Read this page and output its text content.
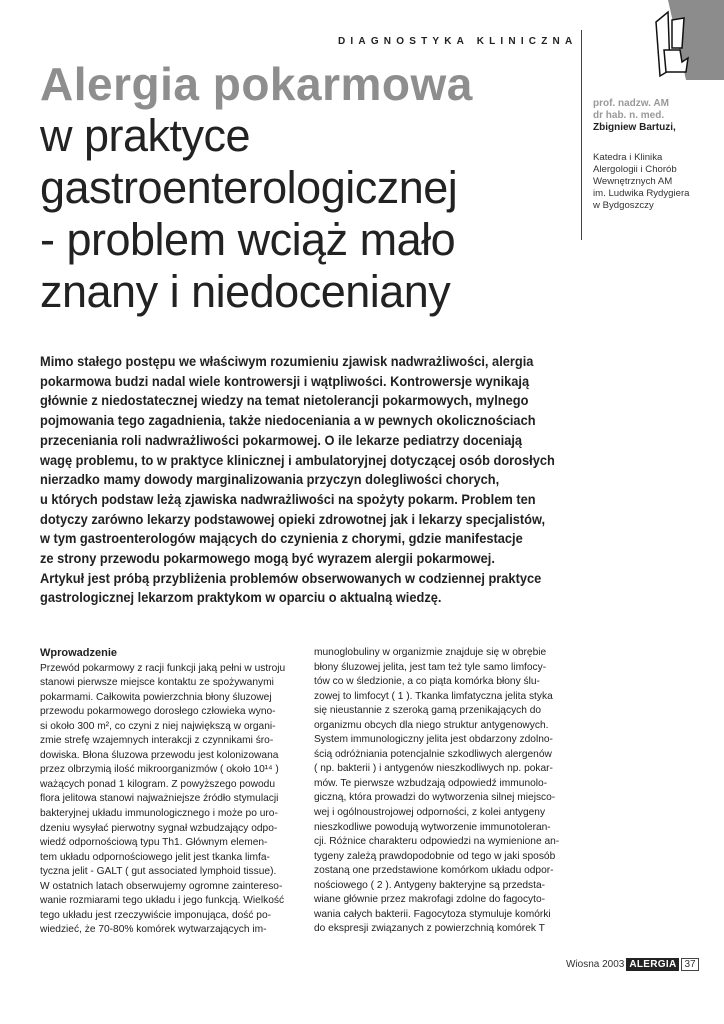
DIAGNOSTYKA KLINICZNA
Alergia pokarmowa
w praktyce
gastroenterologicznej
- problem wciąż mało
znany i niedoceniany
prof. nadzw. AM
dr hab. n. med.
Zbigniew Bartuzi,
Katedra i Klinika
Alergologii i Chorób
Wewnętrznych AM
im. Ludwika Rydygiera
w Bydgoszczy
Mimo stałego postępu we właściwym rozumieniu zjawisk nadwrażliwości, alergia
pokarmowa budzi nadal wiele kontrowersji i wątpliwości. Kontrowersje wynikają
głównie z niedostatecznej wiedzy na temat nietolerancji pokarmowych, mylnego
pojmowania tego zagadnienia, także niedoceniania a w pewnych okolicznościach
przeceniania roli nadwrażliwości pokarmowej. O ile lekarze pediatrzy doceniają
wagę problemu, to w praktyce klinicznej i ambulatoryjnej dotyczącej osób dorosłych
nierzadko mamy dowody marginalizowania przyczyn dolegliwości chorych,
u których podstaw leżą zjawiska nadwrażliwości na spożyty pokarm. Problem ten
dotyczy zarówno lekarzy podstawowej opieki zdrowotnej jak i lekarzy specjalistów,
w tym gastroenterologów mających do czynienia z chorymi, gdzie manifestacje
ze strony przewodu pokarmowego mogą być wyrazem alergii pokarmowej.
Artykuł jest próbą przybliżenia problemów obserwowanych w codziennej praktyce
gastrologicznej lekarzom praktykom w oparciu o aktualną wiedzę.
Wprowadzenie
Przewód pokarmowy z racji funkcji jaką pełni w ustroju
stanowi pierwsze miejsce kontaktu ze spożywanymi
pokarmami. Całkowita powierzchnia błony śluzowej
przewodu pokarmowego dorosłego człowieka wyno-
si około 300 m², co czyni z niej największą w organi-
zmie strefę wzajemnych interakcji z czynnikami śro-
dowiska. Błona śluzowa przewodu jest kolonizowana
przez olbrzymią ilość mikroorganizmów ( około 10¹⁴ )
ważących ponad 1 kilogram. Z powyższego powodu
flora jelitowa stanowi najważniejsze źródło stymulacji
bakteryjnej układu immunologicznego i może po uro-
dzeniu wysyłać pierwotny sygnał wzbudzający odpo-
wiedź odpornościową typu Th1. Głównym elemen-
tem układu odpornościowego jelit jest tkanka limfa-
tyczna jelit - GALT ( gut associated lymphoid tissue).
W ostatnich latach obserwujemy ogromne zaintereso-
wanie rozmiarami tego układu i jego funkcją. Wielkość
tego układu jest rzeczywiście imponująca, dość po-
wiedzieć, że 70-80% komórek wytwarzających im-
munoglobuliny w organizmie znajduje się w obrębie
błony śluzowej jelita, jest tam też tyle samo limfocy-
tów co w śledzionie, a co piąta komórka błony ślu-
zowej to limfocyt ( 1 ). Tkanka limfatyczna jelita styka
się nieustannie z szeroką gamą przenikających do
organizmu obcych dla niego struktur antygenowych.
System immunologiczny jelita jest obdarzony zdolno-
ścią odróżniania potencjalnie szkodliwych alergenów
( np. bakterii ) i antygenów nieszkodliwych np. pokar-
mów. Te pierwsze wzbudzają odpowiedź immunolo-
giczną, która prowadzi do wytworzenia silnej miejsco-
wej i ogólnoustrojowej odporności, z kolei antygeny
nieszkodliwe powodują wytworzenie immunotoleran-
cji. Różnice charakteru odpowiedzi na wymienione an-
tygeny zależą prawdopodobnie od tego w jaki sposób
zostaną one przedstawione komórkom układu odpor-
nościowego ( 2 ). Antygeny bakteryjne są przedsta-
wiane głównie przez makrofagi zdolne do fagocyto-
wania całych bakterii. Fagocytoza stymuluje komórki
do ekspresji związanych z powierzchnią komórek T
Wiosna 2003 ALERGIA 37
